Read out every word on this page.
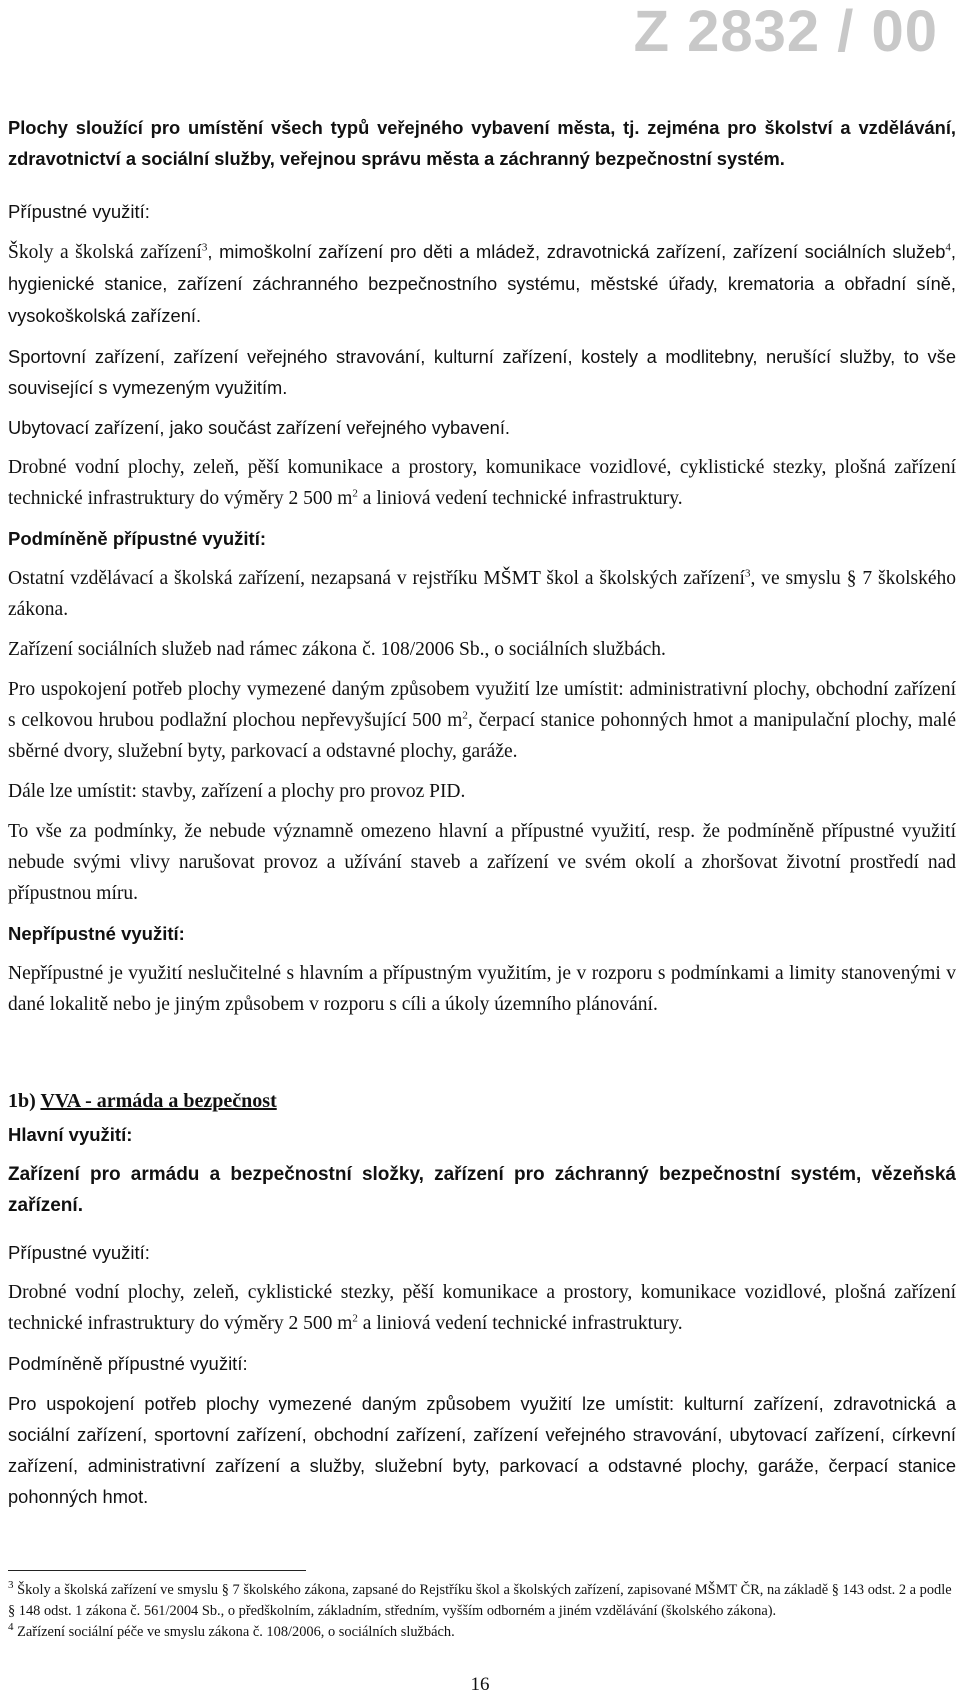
Z 2832 / 00

Plochy sloužící pro umístění všech typů veřejného vybavení města, tj. zejména pro školství a vzdělávání, zdravotnictví a sociální služby, veřejnou správu města a záchranný bezpečnostní systém.

Přípustné využití:

Školy a školská zařízení$^3$, mimoškolní zařízení pro děti a mládež, zdravotnická zařízení, zařízení sociálních služeb$^4$, hygienické stanice, zařízení záchranného bezpečnostního systému, městské úřady, krematoria a obřadní síně, vysokoškolská zařízení.

Sportovní zařízení, zařízení veřejného stravování, kulturní zařízení, kostely a modlitebny, nerušící služby, to vše související s vymezeným využitím.

Ubytovací zařízení, jako součást zařízení veřejného vybavení.

Drobné vodní plochy, zeleň, pěší komunikace a prostory, komunikace vozidlové, cyklistické stezky, plošná zařízení technické infrastruktury do výměry 2 500 $m^2$ a liniová vedení technické infrastruktury.

Podmíněně přípustné využití:

Ostatní vzdělávací a školská zařízení, nezapsaná v rejstříku MŠMT škol a školských zařízení$^3$, ve smyslu § 7 školského zákona.

Zařízení sociálních služeb nad rámec zákona č. 108/2006 Sb., o sociálních službách.

Pro uspokojení potřeb plochy vymezené daným způsobem využití lze umístit: administrativní plochy, obchodní zařízení s celkovou hrubou podlažní plochou nepřevyšující 500 $m^2$, čerpací stanice pohonných hmot a manipulační plochy, malé sběrné dvory, služební byty, parkovací a odstavné plochy, garáže.

Dále lze umístit: stavby, zařízení a plochy pro provoz PID.

To vše za podmínky, že nebude významně omezeno hlavní a přípustné využití, resp. že podmíněně přípustné využití nebude svými vlivy narušovat provoz a užívání staveb a zařízení ve svém okolí a zhoršovat životní prostředí nad přípustnou míru.

Nepřípustné využití:

Nepřípustné je využití neslučitelné s hlavním a přípustným využitím, je v rozporu s podmínkami a limity stanovenými v dané lokalitě nebo je jiným způsobem v rozporu s cíli a úkoly územního plánování.

1b) VVA - armáda a bezpečnost

Hlavní využití:

Zařízení pro armádu a bezpečnostní složky, zařízení pro záchranný bezpečnostní systém, vězeňská zařízení.

Přípustné využití:

Drobné vodní plochy, zeleň, cyklistické stezky, pěší komunikace a prostory, komunikace vozidlové, plošná zařízení technické infrastruktury do výměry 2 500 $m^2$ a liniová vedení technické infrastruktury.

Podmíněně přípustné využití:

Pro uspokojení potřeb plochy vymezené daným způsobem využití lze umístit: kulturní zařízení, zdravotnická a sociální zařízení, sportovní zařízení, obchodní zařízení, zařízení veřejného stravování, ubytovací zařízení, církevní zařízení, administrativní zařízení a služby, služební byty, parkovací a odstavné plochy, garáže, čerpací stanice pohonných hmot.

$^3$ Školy a školská zařízení ve smyslu § 7 školského zákona, zapsané do Rejstříku škol a školských zařízení, zapisované MŠMT ČR, na základě § 143 odst. 2 a podle § 148 odst. 1 zákona č. 561/2004 Sb., o předškolním, základním, středním, vyšším odborném a jiném vzdělávání (školského zákona).

$^4$ Zařízení sociální péče ve smyslu zákona č. 108/2006, o sociálních službách.

16
